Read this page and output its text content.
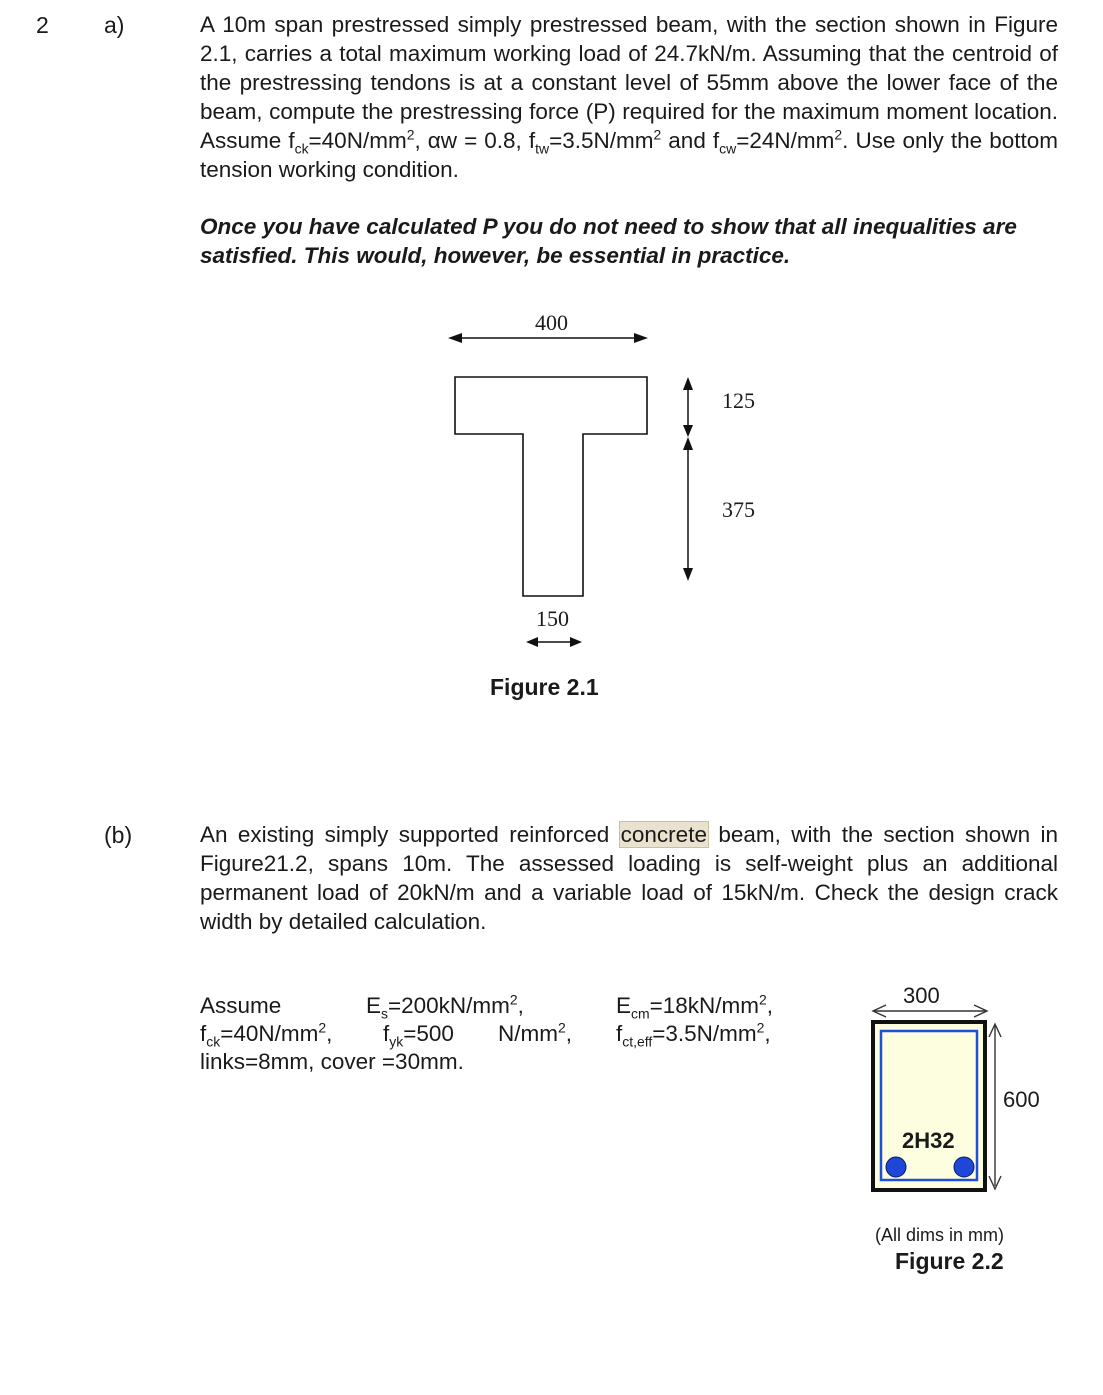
2 a)	A 10m span prestressed simply prestressed beam, with the section shown in Figure 2.1, carries a total maximum working load of 24.7kN/m. Assuming that the centroid of the prestressing tendons is at a constant level of 55mm above the lower face of the beam, compute the prestressing force (P) required for the maximum moment location. Assume $f_{ck}=40N/mm^2$, αw = 0.8, $f_{tw}=3.5N/mm^2$ and $f_{cw}=24N/mm^2$. Use only the bottom tension working condition.
Once you have calculated P you do not need to show that all inequalities are satisfied. This would, however, be essential in practice.
400
125
375
150
Figure 2.1
(b)	An existing simply supported reinforced concrete beam, with the section shown in Figure21.2, spans 10m. The assessed loading is self-weight plus an additional permanent load of 20kN/m and a variable load of 15kN/m. Check the design crack width by detailed calculation.
Assume	$E_s=200kN/mm^2$,	$E_{cm}=18kN/mm^2$,
$f_{ck}=40N/mm^2$, $f_{yk}=500$ $N/mm^2$, $f_{ct,eff}=3.5N/mm^2$,
links=8mm, cover =30mm.
300
600
2H32
(All dims in mm)
Figure 2.2
